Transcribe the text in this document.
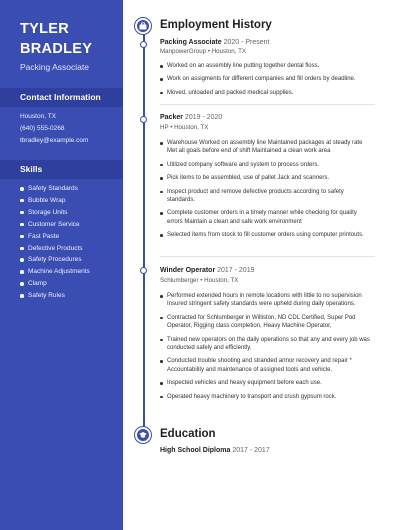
TYLER
BRADLEY
Packing Associate
Contact Information
Houston, TX
(640) 555-0268
tbradley@example.com
Skills
Safety Standards
Bubble Wrap
Storage Units
Customer Service
Fast Paste
Defective Products
Safety Procedures
Machine Adjustments
Clamp
Safety Rules
Employment History
Packing Associate 2020 - Present
ManpowerGroup • Houston, TX
Worked on an assembly line putting together dental floss.
Work on assigments for different companies and fill orders by deadline.
Moved, unloaded and packed medical supplies.
Packer 2019 - 2020
HP • Houston, TX
Warehouse Worked on assembly line Maintained packages at steady rate Met all goals before end of shift Maintained a clean work area
Utilized company software and system to process orders.
Pick items to be assembled, use of pallet Jack and scanners.
Inspect product and remove defective products according to safety standards.
Complete customer orders in a timely manner while checking for quality errors Maintain a clean and safe work environment
Selected items from stock to fill customer orders using computer printouts.
Winder Operator 2017 - 2019
Schlumberger • Houston, TX
Performed extended hours in remote locations with little to no supervision Insured stringent safety standards were upheld during daily operations.
Contracted for Schlumberger in Williston, ND CDL Certified, Super Pod Operator, Rigging class completion, Heavy Machine Operator,
Trained new operators on the daily operations so that any and every job was conducted safely and efficiently.
Conducted trouble shooting and stranded armor recovery and repair * Accountability and maintenance of assigned tools and vehicle.
Inspected vehicles and heavy equipment before each use.
Operated heavy machinery to transport and crush gypsum rock.
Education
High School Diploma 2017 - 2017
